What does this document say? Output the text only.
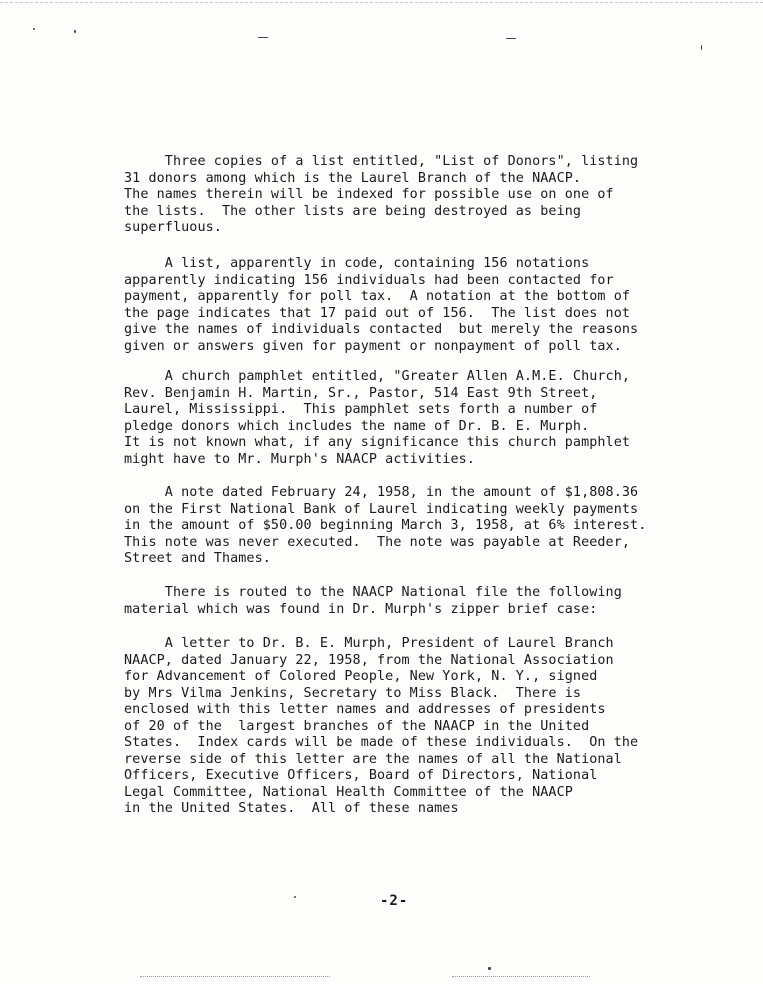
Three copies of a list entitled, "List of Donors", listing
31 donors among which is the Laurel Branch of the NAACP.
The names therein will be indexed for possible use on one of
the lists.  The other lists are being destroyed as being
superfluous.

A list, apparently in code, containing 156 notations
apparently indicating 156 individuals had been contacted for
payment, apparently for poll tax.  A notation at the bottom of
the page indicates that 17 paid out of 156.  The list does not
give the names of individuals contacted  but merely the reasons
given or answers given for payment or nonpayment of poll tax.

A church pamphlet entitled, "Greater Allen A.M.E. Church,
Rev. Benjamin H. Martin, Sr., Pastor, 514 East 9th Street,
Laurel, Mississippi.  This pamphlet sets forth a number of
pledge donors which includes the name of Dr. B. E. Murph.
It is not known what, if any significance this church pamphlet
might have to Mr. Murph's NAACP activities.

A note dated February 24, 1958, in the amount of $1,808.36
on the First National Bank of Laurel indicating weekly payments
in the amount of $50.00 beginning March 3, 1958, at 6% interest.
This note was never executed.  The note was payable at Reeder,
Street and Thames.

There is routed to the NAACP National file the following
material which was found in Dr. Murph's zipper brief case:

A letter to Dr. B. E. Murph, President of Laurel Branch
NAACP, dated January 22, 1958, from the National Association
for Advancement of Colored People, New York, N. Y., signed
by Mrs Vilma Jenkins, Secretary to Miss Black.  There is
enclosed with this letter names and addresses of presidents
of 20 of the  largest branches of the NAACP in the United
States.  Index cards will be made of these individuals.  On the
reverse side of this letter are the names of all the National
Officers, Executive Officers, Board of Directors, National
Legal Committee, National Health Committee of the NAACP
in the United States.  All of these names

-2-
